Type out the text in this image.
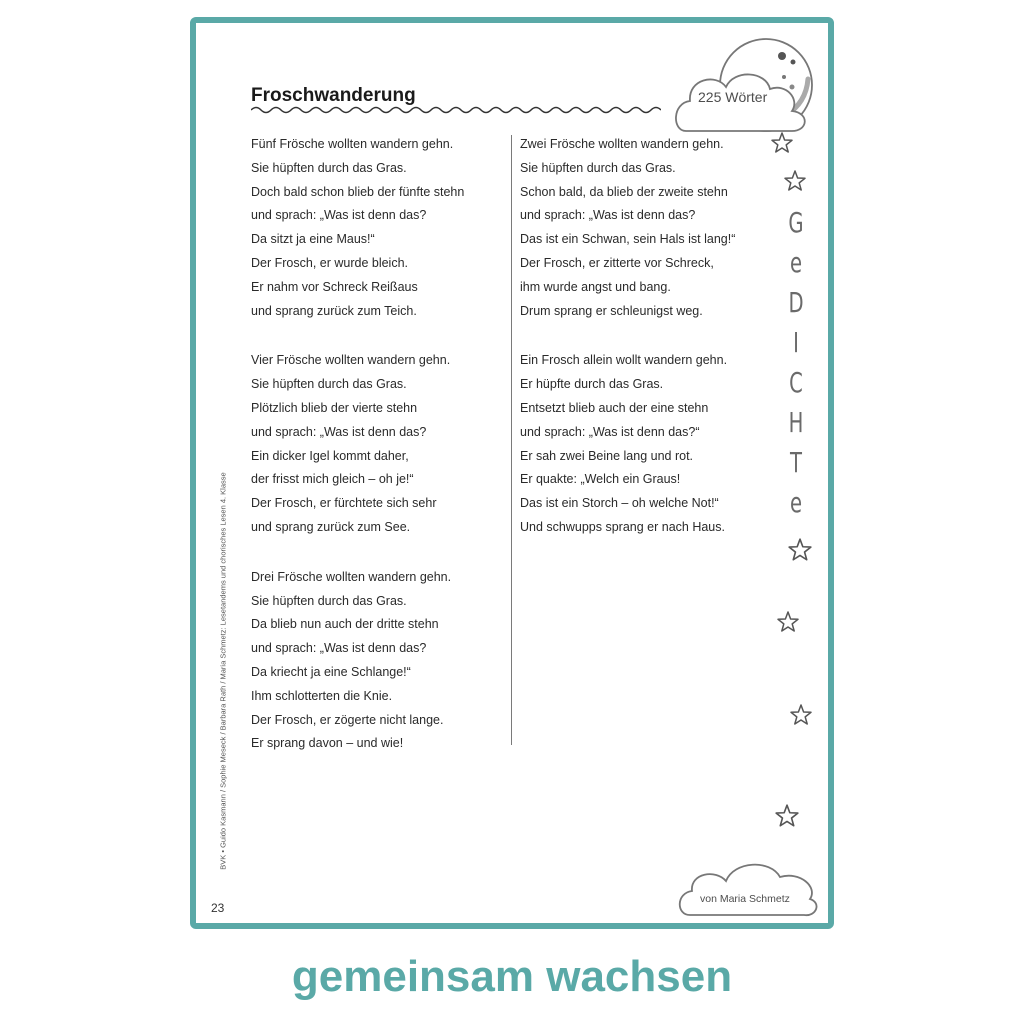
Froschwanderung	225 Wörter
Fünf Frösche wollten wandern gehn.
Sie hüpften durch das Gras.
Doch bald schon blieb der fünfte stehn
und sprach: „Was ist denn das?
Da sitzt ja eine Maus!“
Der Frosch, er wurde bleich.
Er nahm vor Schreck Reißaus
und sprang zurück zum Teich.
Vier Frösche wollten wandern gehn.
Sie hüpften durch das Gras.
Plötzlich blieb der vierte stehn
und sprach: „Was ist denn das?
Ein dicker Igel kommt daher,
der frisst mich gleich – oh je!“
Der Frosch, er fürchtete sich sehr
und sprang zurück zum See.
Drei Frösche wollten wandern gehn.
Sie hüpften durch das Gras.
Da blieb nun auch der dritte stehn
und sprach: „Was ist denn das?
Da kriecht ja eine Schlange!“
Ihm schlotterten die Knie.
Der Frosch, er zögerte nicht lange.
Er sprang davon – und wie!
Zwei Frösche wollten wandern gehn.
Sie hüpften durch das Gras.
Schon bald, da blieb der zweite stehn
und sprach: „Was ist denn das?
Das ist ein Schwan, sein Hals ist lang!“
Der Frosch, er zitterte vor Schreck,
ihm wurde angst und bang.
Drum sprang er schleunigst weg.
Ein Frosch allein wollt wandern gehn.
Er hüpfte durch das Gras.
Entsetzt blieb auch der eine stehn
und sprach: „Was ist denn das?“
Er sah zwei Beine lang und rot.
Er quakte: „Welch ein Graus!
Das ist ein Storch – oh welche Not!“
Und schwupps sprang er nach Haus.
G
e
D
I
C
H
T
e
von Maria Schmetz
BVK • Guido Kasmann / Sophie Meseck / Barbara Rath / Maria Schmetz: Lesetandems und chorisches Lesen 4. Klasse
23
gemeinsam wachsen
